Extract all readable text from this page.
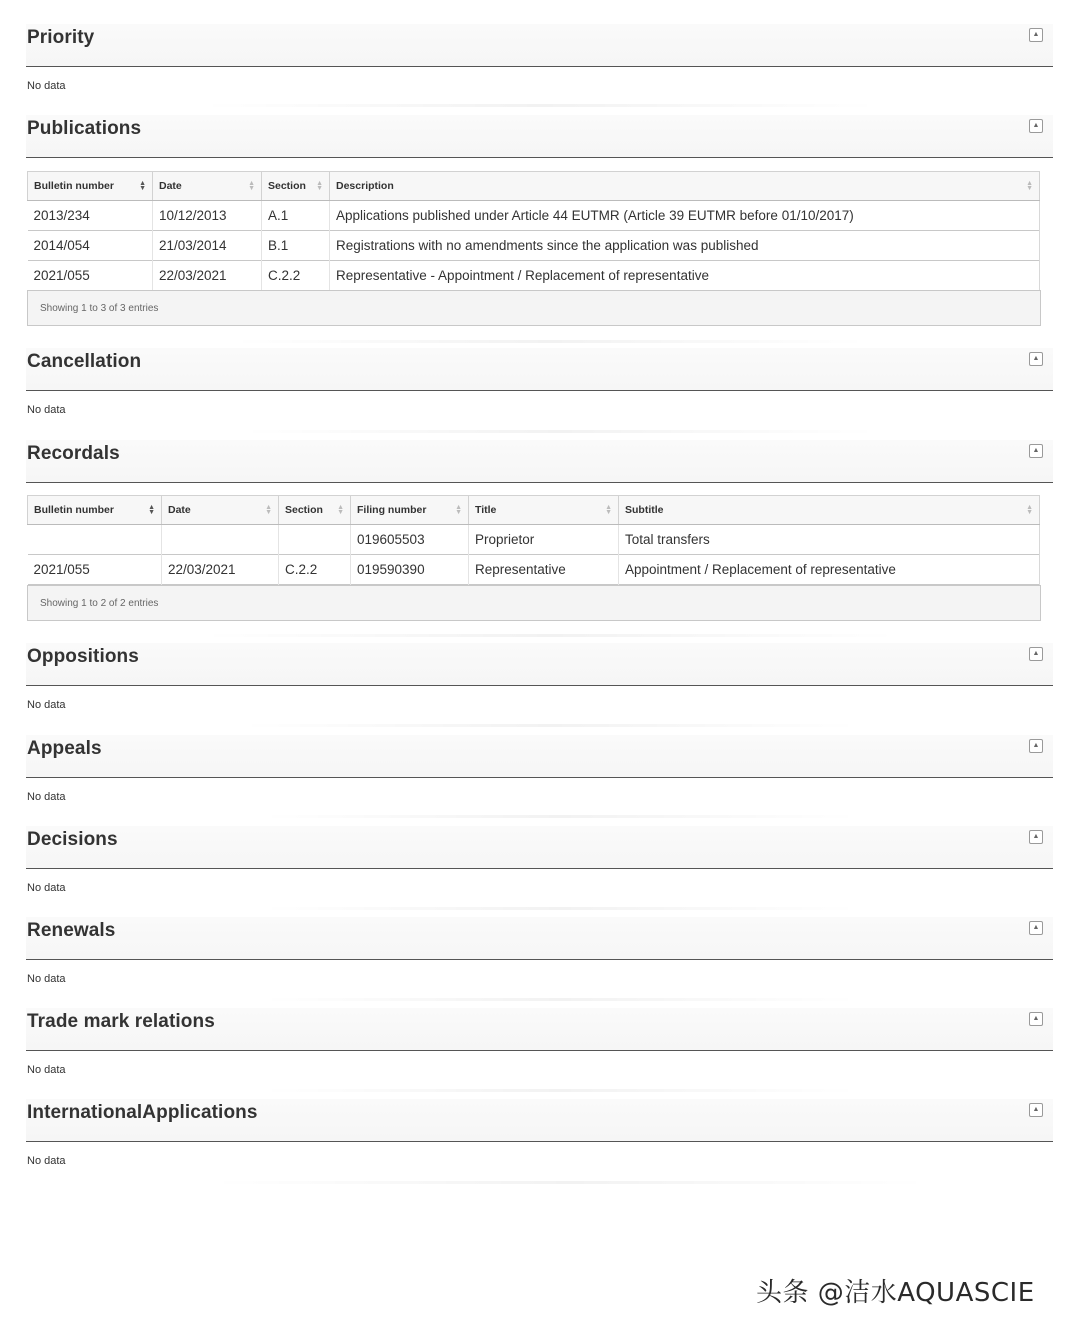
Priority	▲
No data
Publications	▲
Bulletin number ▲
▼	Date ▲
▼	Section ▲
▼	Description ▲
▼

2013/234	10/12/2013	A.1	Applications published under Article 44 EUTMR (Article 39 EUTMR before 01/10/2017)
2014/054	21/03/2014	B.1	Registrations with no amendments since the application was published
2021/055	22/03/2021	C.2.2	Representative - Appointment / Replacement of representative
Showing 1 to 3 of 3 entries
Cancellation	▲
No data
Recordals	▲
Bulletin number ▲
▼	Date ▲
▼	Section ▲
▼	Filing number ▲
▼	Title ▲
▼	Subtitle ▲
▼

			019605503	Proprietor	Total transfers
2021/055	22/03/2021	C.2.2	019590390	Representative	Appointment / Replacement of representative
Showing 1 to 2 of 2 entries
Oppositions	▲
No data
Appeals	▲
No data
Decisions	▲
No data
Renewals	▲
No data
Trade mark relations	▲
No data
InternationalApplications	▲
No data
头条 @洁水AQUASCIE
